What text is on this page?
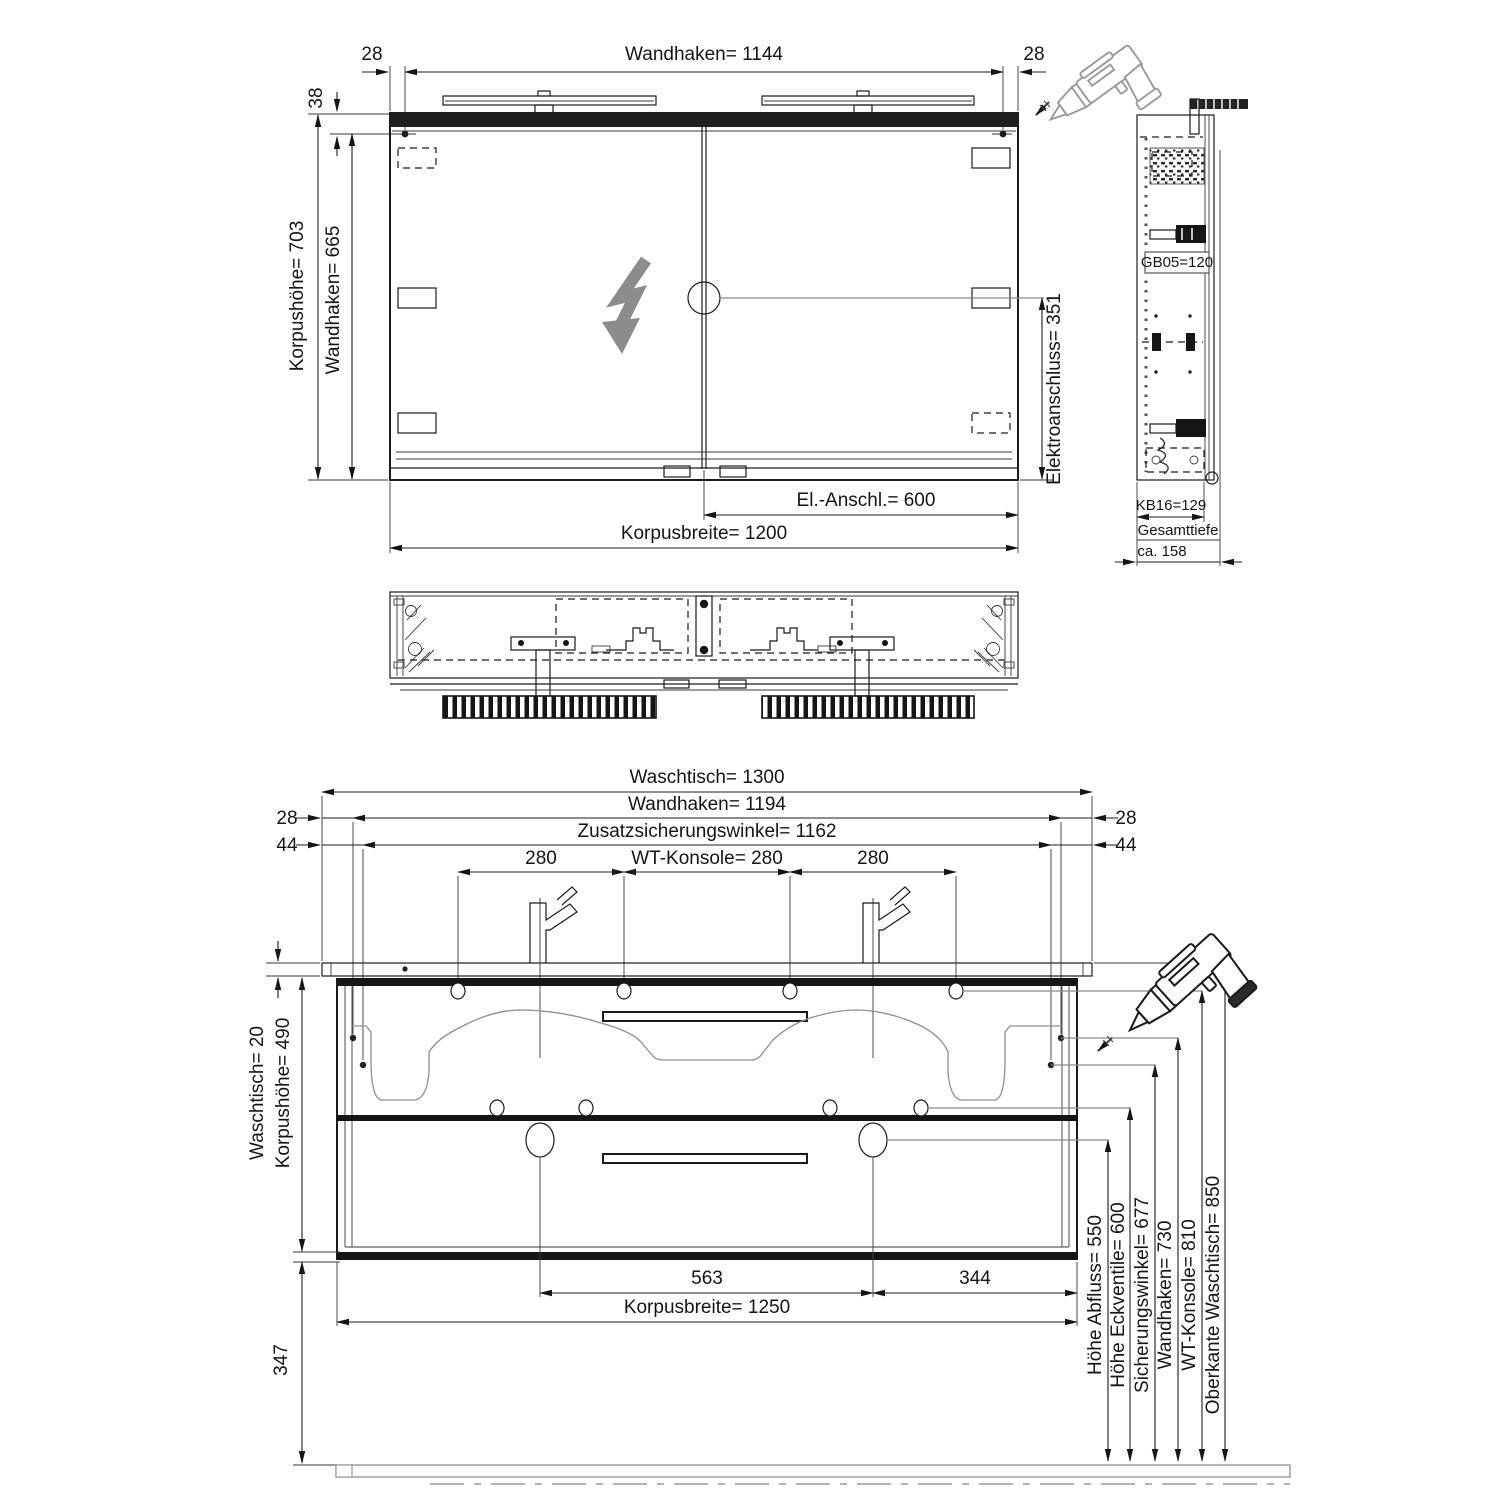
28	Wandhaken= 1144	28
38
Korpushöhe= 703 Wandhaken= 665	Elektroanschluss= 351
El.-Anschl.= 600
Korpusbreite= 1200
GB05=120
KB16=129
Gesamttiefe
ca. 158
Waschtisch= 1300
28
Wandhaken= 1194
28
44
Zusatzsicherungswinkel= 1162
44
280	WT-Konsole= 280	280
563	344
Korpusbreite= 1250
Waschtisch= 20 Korpushöhe= 490
347	Höhe Abfluss= 550 Höhe Eckventile= 600 Sicherungswinkel= 677 Wandhaken= 730 WT-Konsole= 810 Oberkante Waschtisch= 850
